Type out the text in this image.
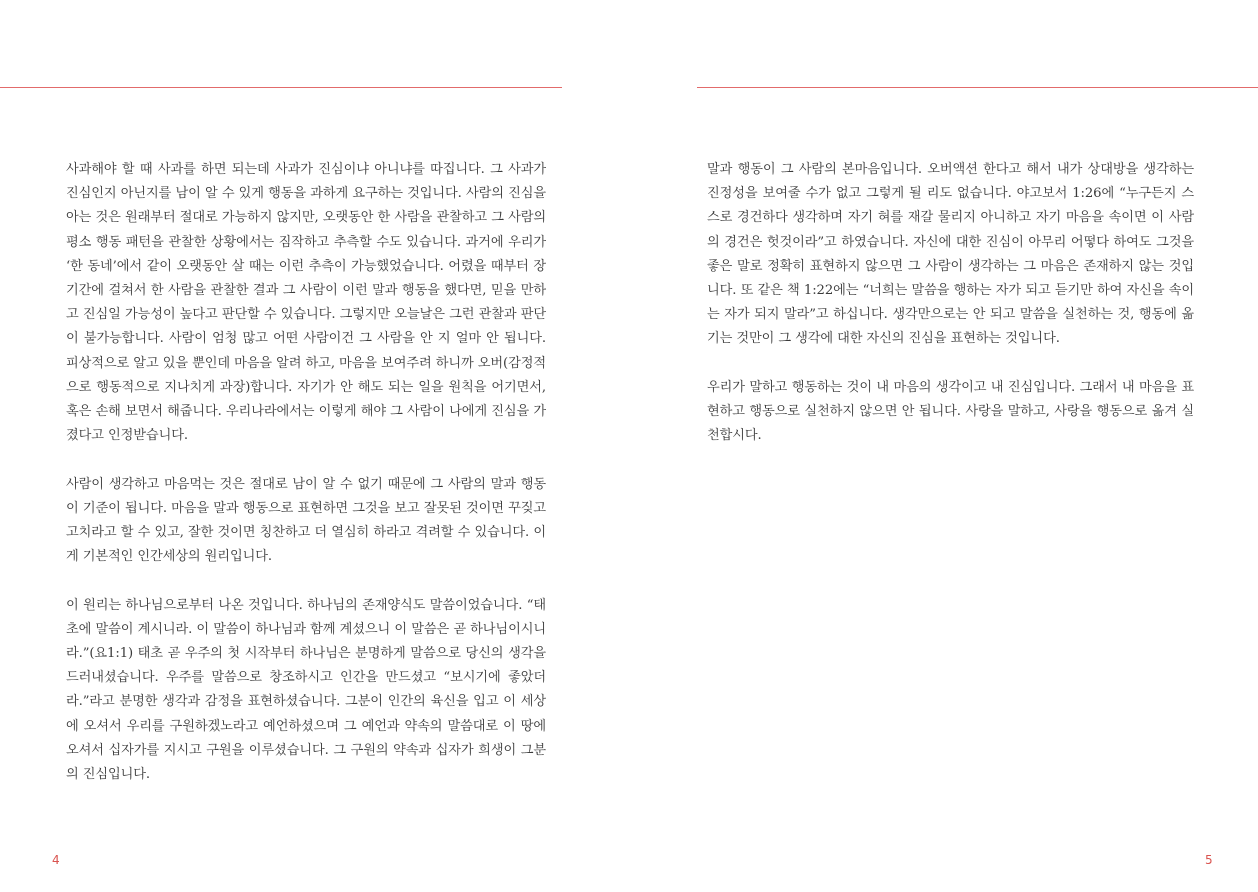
사과해야 할 때 사과를 하면 되는데 사과가 진심이냐 아니냐를 따집니다. 그 사과가 진심인지 아닌지를 남이 알 수 있게 행동을 과하게 요구하는 것입니다. 사람의 진심을 아는 것은 원래부터 절대로 가능하지 않지만, 오랫동안 한 사람을 관찰하고 그 사람의 평소 행동 패턴을 관찰한 상황에서는 짐작하고 추측할 수도 있습니다. 과거에 우리가 ‘한 동네’에서 같이 오랫동안 살 때는 이런 추측이 가능했었습니다. 어렸을 때부터 장기간에 걸쳐서 한 사람을 관찰한 결과 그 사람이 이런 말과 행동을 했다면, 믿을 만하고 진심일 가능성이 높다고 판단할 수 있습니다. 그렇지만 오늘날은 그런 관찰과 판단이 불가능합니다. 사람이 엄청 많고 어떤 사람이건 그 사람을 안 지 얼마 안 됩니다. 피상적으로 알고 있을 뿐인데 마음을 알려 하고, 마음을 보여주려 하니까 오버(감정적으로 행동적으로 지나치게 과장)합니다. 자기가 안 해도 되는 일을 원칙을 어기면서, 혹은 손해 보면서 해줍니다. 우리나라에서는 이렇게 해야 그 사람이 나에게 진심을 가졌다고 인정받습니다.

사람이 생각하고 마음먹는 것은 절대로 남이 알 수 없기 때문에 그 사람의 말과 행동이 기준이 됩니다. 마음을 말과 행동으로 표현하면 그것을 보고 잘못된 것이면 꾸짖고 고치라고 할 수 있고, 잘한 것이면 칭찬하고 더 열심히 하라고 격려할 수 있습니다. 이게 기본적인 인간세상의 원리입니다.

이 원리는 하나님으로부터 나온 것입니다. 하나님의 존재양식도 말씀이었습니다. “태초에 말씀이 계시니라. 이 말씀이 하나님과 함께 계셨으니 이 말씀은 곧 하나님이시니라.”(요1:1) 태초 곧 우주의 첫 시작부터 하나님은 분명하게 말씀으로 당신의 생각을 드러내셨습니다. 우주를 말씀으로 창조하시고 인간을 만드셨고 “보시기에 좋았더라.”라고 분명한 생각과 감정을 표현하셨습니다. 그분이 인간의 육신을 입고 이 세상에 오셔서 우리를 구원하겠노라고 예언하셨으며 그 예언과 약속의 말씀대로 이 땅에 오셔서 십자가를 지시고 구원을 이루셨습니다. 그 구원의 약속과 십자가 희생이 그분의 진심입니다.

4

말과 행동이 그 사람의 본마음입니다. 오버액션 한다고 해서 내가 상대방을 생각하는 진정성을 보여줄 수가 없고 그렇게 될 리도 없습니다. 야고보서 1:26에 “누구든지 스스로 경건하다 생각하며 자기 혀를 재갈 물리지 아니하고 자기 마음을 속이면 이 사람의 경건은 헛것이라”고 하였습니다. 자신에 대한 진심이 아무리 어떻다 하여도 그것을 좋은 말로 정확히 표현하지 않으면 그 사람이 생각하는 그 마음은 존재하지 않는 것입니다. 또 같은 책 1:22에는 “너희는 말씀을 행하는 자가 되고 듣기만 하여 자신을 속이는 자가 되지 말라”고 하십니다. 생각만으로는 안 되고 말씀을 실천하는 것, 행동에 옮기는 것만이 그 생각에 대한 자신의 진심을 표현하는 것입니다.

우리가 말하고 행동하는 것이 내 마음의 생각이고 내 진심입니다. 그래서 내 마음을 표현하고 행동으로 실천하지 않으면 안 됩니다. 사랑을 말하고, 사랑을 행동으로 옮겨 실천합시다.

5
